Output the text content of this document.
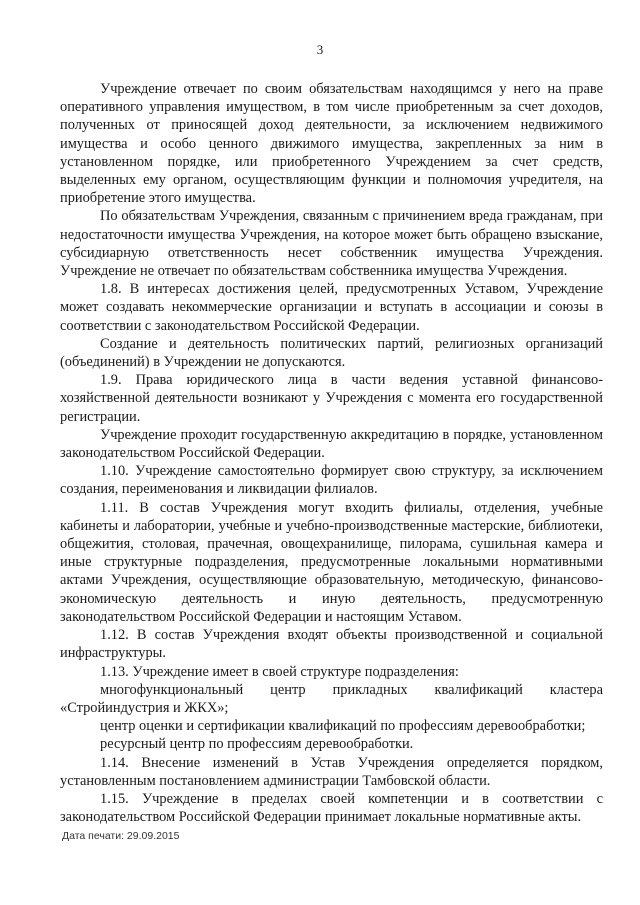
3

Учреждение отвечает по своим обязательствам находящимся у него на праве оперативного управления имуществом, в том числе приобретенным за счет доходов, полученных от приносящей доход деятельности, за исключением недвижимого имущества и особо ценного движимого имущества, закрепленных за ним в установленном порядке, или приобретенного Учреждением за счет средств, выделенных ему органом, осуществляющим функции и полномочия учредителя, на приобретение этого имущества.

По обязательствам Учреждения, связанным с причинением вреда гражданам, при недостаточности имущества Учреждения, на которое может быть обращено взыскание, субсидиарную ответственность несет собственник имущества Учреждения. Учреждение не отвечает по обязательствам собственника имущества Учреждения.

1.8. В интересах достижения целей, предусмотренных Уставом, Учреждение может создавать некоммерческие организации и вступать в ассоциации и союзы в соответствии с законодательством Российской Федерации.

Создание и деятельность политических партий, религиозных организаций (объединений) в Учреждении не допускаются.

1.9. Права юридического лица в части ведения уставной финансово-хозяйственной деятельности возникают у Учреждения с момента его государственной регистрации.

Учреждение проходит государственную аккредитацию в порядке, установленном законодательством Российской Федерации.

1.10. Учреждение самостоятельно формирует свою структуру, за исключением создания, переименования и ликвидации филиалов.

1.11. В состав Учреждения могут входить филиалы, отделения, учебные кабинеты и лаборатории, учебные и учебно-производственные мастерские, библиотеки, общежития, столовая, прачечная, овощехранилище, пилорама, сушильная камера и иные структурные подразделения, предусмотренные локальными нормативными актами Учреждения, осуществляющие образовательную, методическую, финансово-экономическую деятельность и иную деятельность, предусмотренную законодательством Российской Федерации и настоящим Уставом.

1.12. В состав Учреждения входят объекты производственной и социальной инфраструктуры.

1.13. Учреждение имеет в своей структуре подразделения:

многофункциональный центр прикладных квалификаций кластера «Стройиндустрия и ЖКХ»;

центр оценки и сертификации квалификаций по профессиям деревообработки;

ресурсный центр по профессиям деревообработки.

1.14. Внесение изменений в Устав Учреждения определяется порядком, установленным постановлением администрации Тамбовской области.

1.15. Учреждение в пределах своей компетенции и в соответствии с законодательством Российской Федерации принимает локальные нормативные акты.

Дата печати: 29.09.2015
